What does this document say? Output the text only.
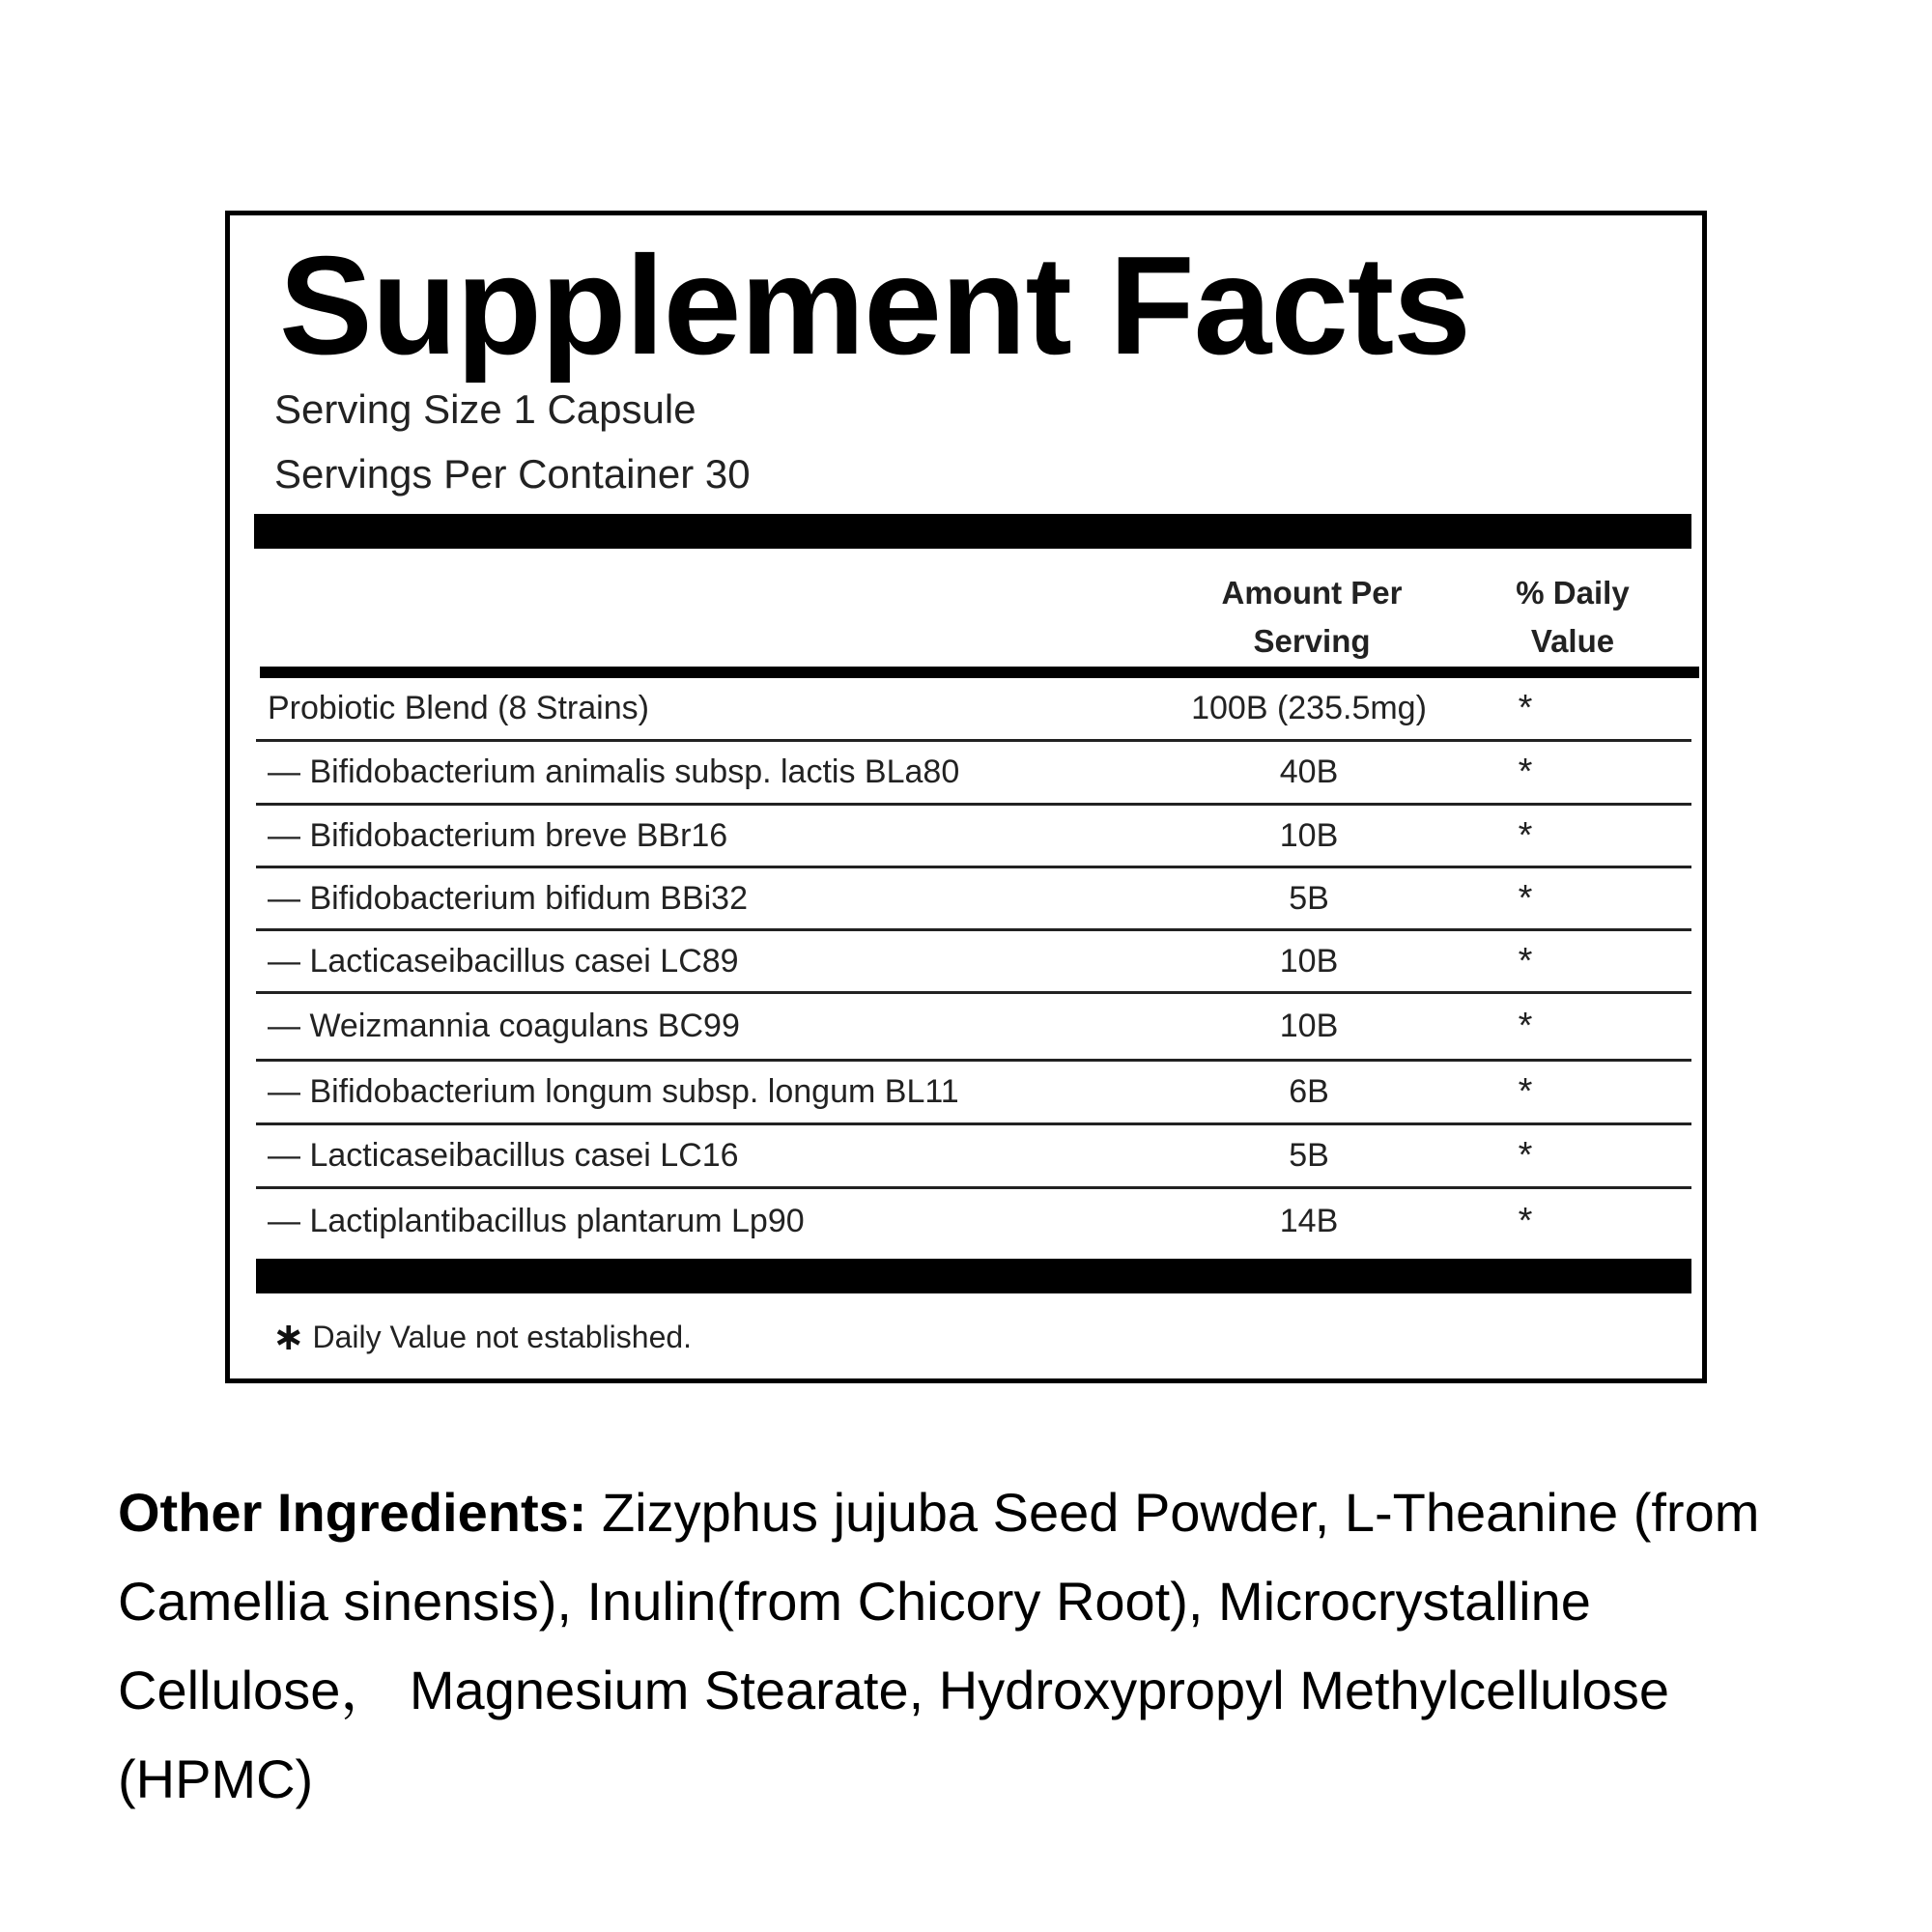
Supplement Facts
Serving Size 1 Capsule
Servings Per Container 30
Amount Per
Serving
% Daily
Value
Probiotic Blend (8 Strains)	100B (235.5mg)	*
— Bifidobacterium animalis subsp. lactis BLa80	40B	*
— Bifidobacterium breve BBr16	10B	*
— Bifidobacterium bifidum BBi32	5B	*
— Lacticaseibacillus casei LC89	10B	*
— Weizmannia coagulans BC99	10B	*
— Bifidobacterium longum subsp. longum BL11	6B	*
— Lacticaseibacillus casei LC16	5B	*
— Lactiplantibacillus plantarum Lp90	14B	*
∗ Daily Value not established.

Other Ingredients: Zizyphus jujuba Seed Powder, L-Theanine (from Camellia sinensis), Inulin(from Chicory Root), Microcrystalline Cellulose， Magnesium Stearate, Hydroxypropyl Methylcellulose (HPMC)
